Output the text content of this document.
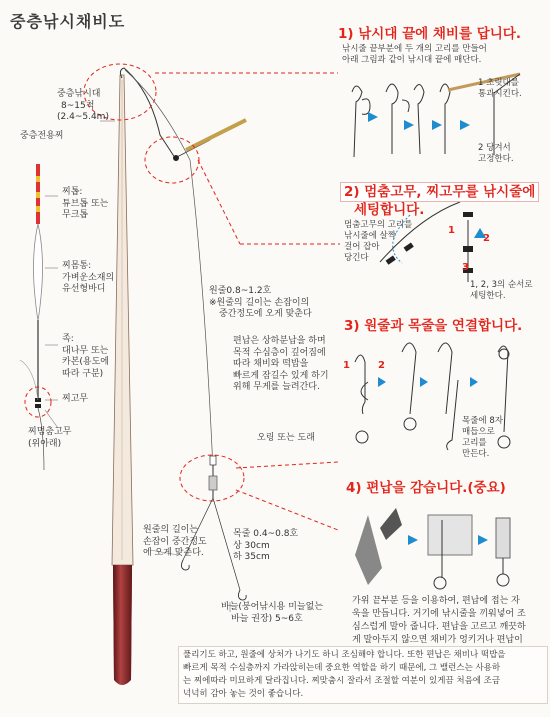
중층낚시채비도
중층낚시대
8~15척
(2.4~5.4m)
중층전용찌
찌톱:
튜브톱 또는
무크톱
찌몸통:
가벼운소재의
유선형바디
족:
대나무 또는
카본(용도에
따라 구분)
찌고무
찌멈춤고무
(위아래)
원줄0.8~1.2호
※원줄의 길이는 손잡이의
중간정도에 오게 맞춘다
편납은 상하분납을 하며
목적 수심층이 깊어짐에
따라 채비와 떡밥을
빠르게 잠길수 있게 하기
위해 무게를 늘려간다.
오링 또는 도래
원줄의 길이는
손잡이 중간정도
에 오게 맞춘다.
목줄 0.4~0.8호
상 30cm
하 35cm
바늘(붕어낚시용 미늘없는
바늘 권장) 5~6호
1) 낚시대 끝에 채비를 답니다.
낚시줄 끝부분에 두 개의 고리를 만들어
아래 그림과 같이 낚시대 끝에 매단다.
1 초릿대를
통과시킨다.
2 당겨서
고정한다.
2) 멈춤고무, 찌고무를 낚시줄에
세팅합니다.
멈춤고무의 고리를
낚시줄에 살짝
걸어 잡아
당긴다
1
2
3
1, 2, 3의 순서로
세팅한다.
3) 원줄과 목줄을 연결합니다.
1	2
목줄에 8자
매듭으로
고리를
만든다.
4) 편납을 감습니다.(중요)
가위 끝부분 등을 이용하여, 편납에 접는 자
욱을 만듭니다. 거기에 낚시줄을 끼워넣어 조
심스럽게 말아 줍니다. 편납을 고르고 깨끗하
게 말아두지 않으면 채비가 엉키거나 편납이
풀리기도 하고, 원줄에 상처가 나기도 하니 조심해야 합니다. 또한 편납은 채비나 떡밥을
빠르게 목적 수심층까지 가라앉히는데 중요한 역할을 하기 때문에, 그 밸런스는 사용하
는 찌에따라 미묘하게 달라집니다. 찌맞춤시 잘라서 조절할 여분이 있게끔 처음에 조금
넉넉히 감아 놓는 것이 좋습니다.
